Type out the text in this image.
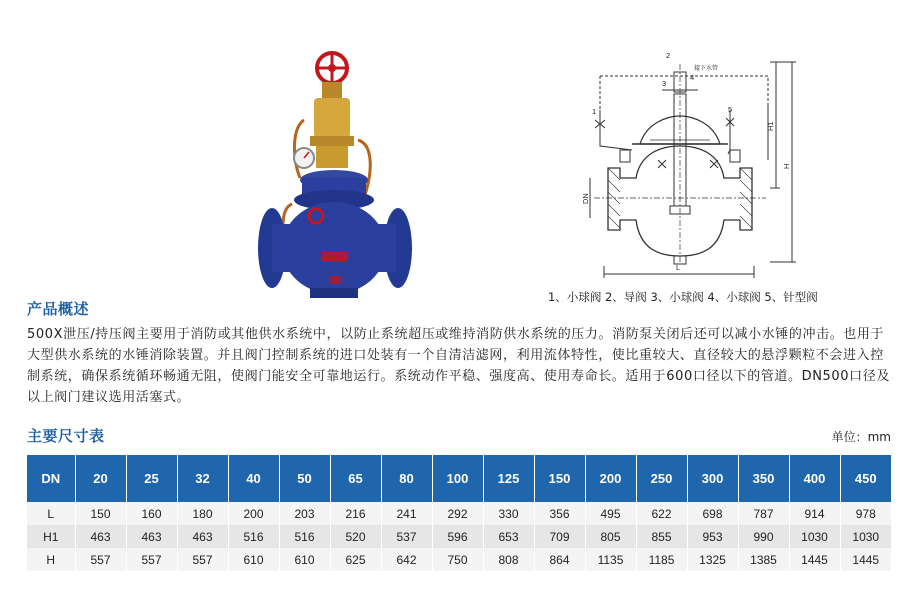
1
2
3
4
5
接下水管
H1
H
DN
L
1、小球阀 2、导阀 3、小球阀 4、小球阀 5、针型阀
产品概述
500X泄压/持压阀主要用于消防或其他供水系统中，以防止系统超压或维持消防供水系统的压力。消防泵关闭后还可以减小水锤的冲击。也用于大型供水系统的水锤消除装置。并且阀门控制系统的进口处装有一个自清洁滤网，利用流体特性，使比重较大、直径较大的悬浮颗粒不会进入控制系统，确保系统循环畅通无阻，使阀门能安全可靠地运行。系统动作平稳、强度高、使用寿命长。适用于600口径以下的管道。DN500口径及以上阀门建议选用活塞式。
主要尺寸表	单位：mm
DN	20	25	32	40	50	65	80	100	125	150	200	250	300	350	400	450
L	150	160	180	200	203	216	241	292	330	356	495	622	698	787	914	978
H1	463	463	463	516	516	520	537	596	653	709	805	855	953	990	1030	1030
H	557	557	557	610	610	625	642	750	808	864	1135	1185	1325	1385	1445	1445
